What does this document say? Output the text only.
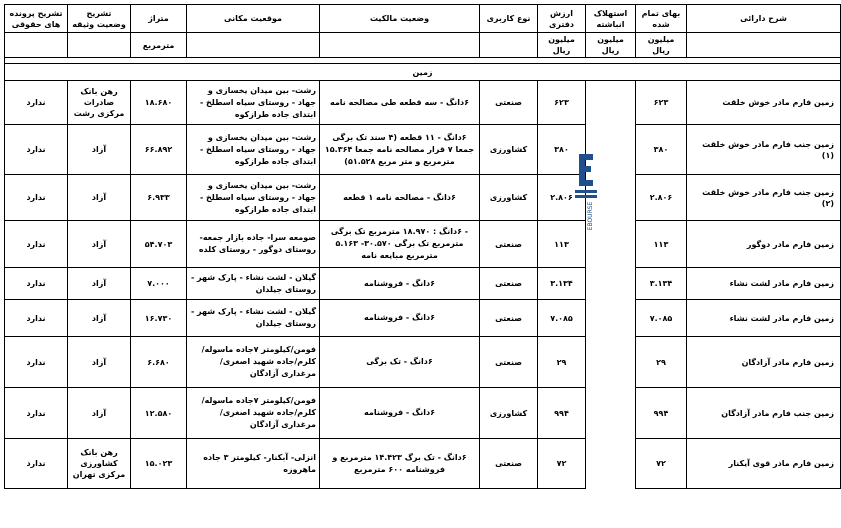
شرح دارائی	بهای تمام شده	استهلاک انباشته	ارزش دفتری	نوع کاربری	وضعیت مالکیت	موقعیت مکانی	متراژ	تشریح وضعیت وثیقه	تشریح پرونده های حقوقی
	میلیون ریال	میلیون ریال	میلیون ریال				مترمربع		

زمین									
زمین فارم مادر خوش خلقت	۶۲۳		۶۲۳	صنعتی	۶دانگ - سه قطعه طی مصالحه نامه	رشت- بین میدان یخسازی و جهاد - روستای سیاه اسطلخ - ابتدای جاده طرازکوه	۱۸.۶۸۰	رهن بانک صادرات مرکزی رشت	ندارد
زمین جنب فارم مادر خوش خلقت (۱)	۳۸۰		۳۸۰	کشاورزی	۶دانگ - ۱۱ قطعه (۴ سند تک برگی جمعا ۷ قرار مصالحه نامه جمعا ۱۵.۳۶۴ مترمربع و متر مربع ۵۱.۵۲۸)	رشت- بین میدان یخسازی و جهاد - روستای سیاه اسطلخ - ابتدای جاده طرازکوه	۶۶.۸۹۲	آزاد	ندارد
زمین جنب فارم مادر خوش خلقت (۲)	۲.۸۰۶		۲.۸۰۶	کشاورزی	۶دانگ - مصالحه نامه ۱ قطعه	رشت- بین میدان یخسازی و جهاد - روستای سیاه اسطلخ - ابتدای جاده طرازکوه	۶.۹۳۳	آزاد	ندارد
زمین فارم مادر دوگور	۱۱۳		۱۱۳	صنعتی	- ۶دانگ : ۱۸.۹۷۰ مترمربع تک برگی مترمربع تک برگی ۳۰.۵۷۰- ۵.۱۶۳ مترمربع مبایعه نامه	صومعه سرا- جاده بازار جمعه- روستای دوگور - روستای کلده	۵۴.۷۰۳	آزاد	ندارد
زمین فارم مادر لشت نشاء	۳.۱۳۴		۳.۱۳۴	صنعتی	۶دانگ - فروشنامه	گیلان - لشت نشاء - پارک شهر - روستای جیلدان	۷.۰۰۰	آزاد	ندارد
زمین فارم مادر لشت نشاء	۷.۰۸۵		۷.۰۸۵	صنعتی	۶دانگ - فروشنامه	گیلان - لشت نشاء - پارک شهر - روستای جیلدان	۱۶.۷۳۰	آزاد	ندارد
زمین فارم مادر آزادگان	۲۹		۲۹	صنعتی	۶دانگ - تک برگی	فومن/کیلومتر ۷جاده ماسوله/کلرم/جاده شهید اصغری/مرغداری آزادگان	۶.۶۸۰	آزاد	ندارد
زمین جنب فارم مادر آزادگان	۹۹۴		۹۹۴	کشاورزی	۶دانگ - فروشنامه	فومن/کیلومتر ۷جاده ماسوله/کلرم/جاده شهید اصغری/مرغداری آزادگان	۱۲.۵۸۰	آزاد	ندارد
زمین فارم مادر قوی آیکنار	۷۲		۷۲	صنعتی	۶دانگ - تک برگ ۱۴.۴۲۳ مترمربع و فروشنامه ۶۰۰ مترمربع	انزلی- آبکنار- کیلومتر ۳ جاده ماهروزه	۱۵.۰۲۳	رهن بانک کشاورزی مرکزی تهران	ندارد
EBOURSE
